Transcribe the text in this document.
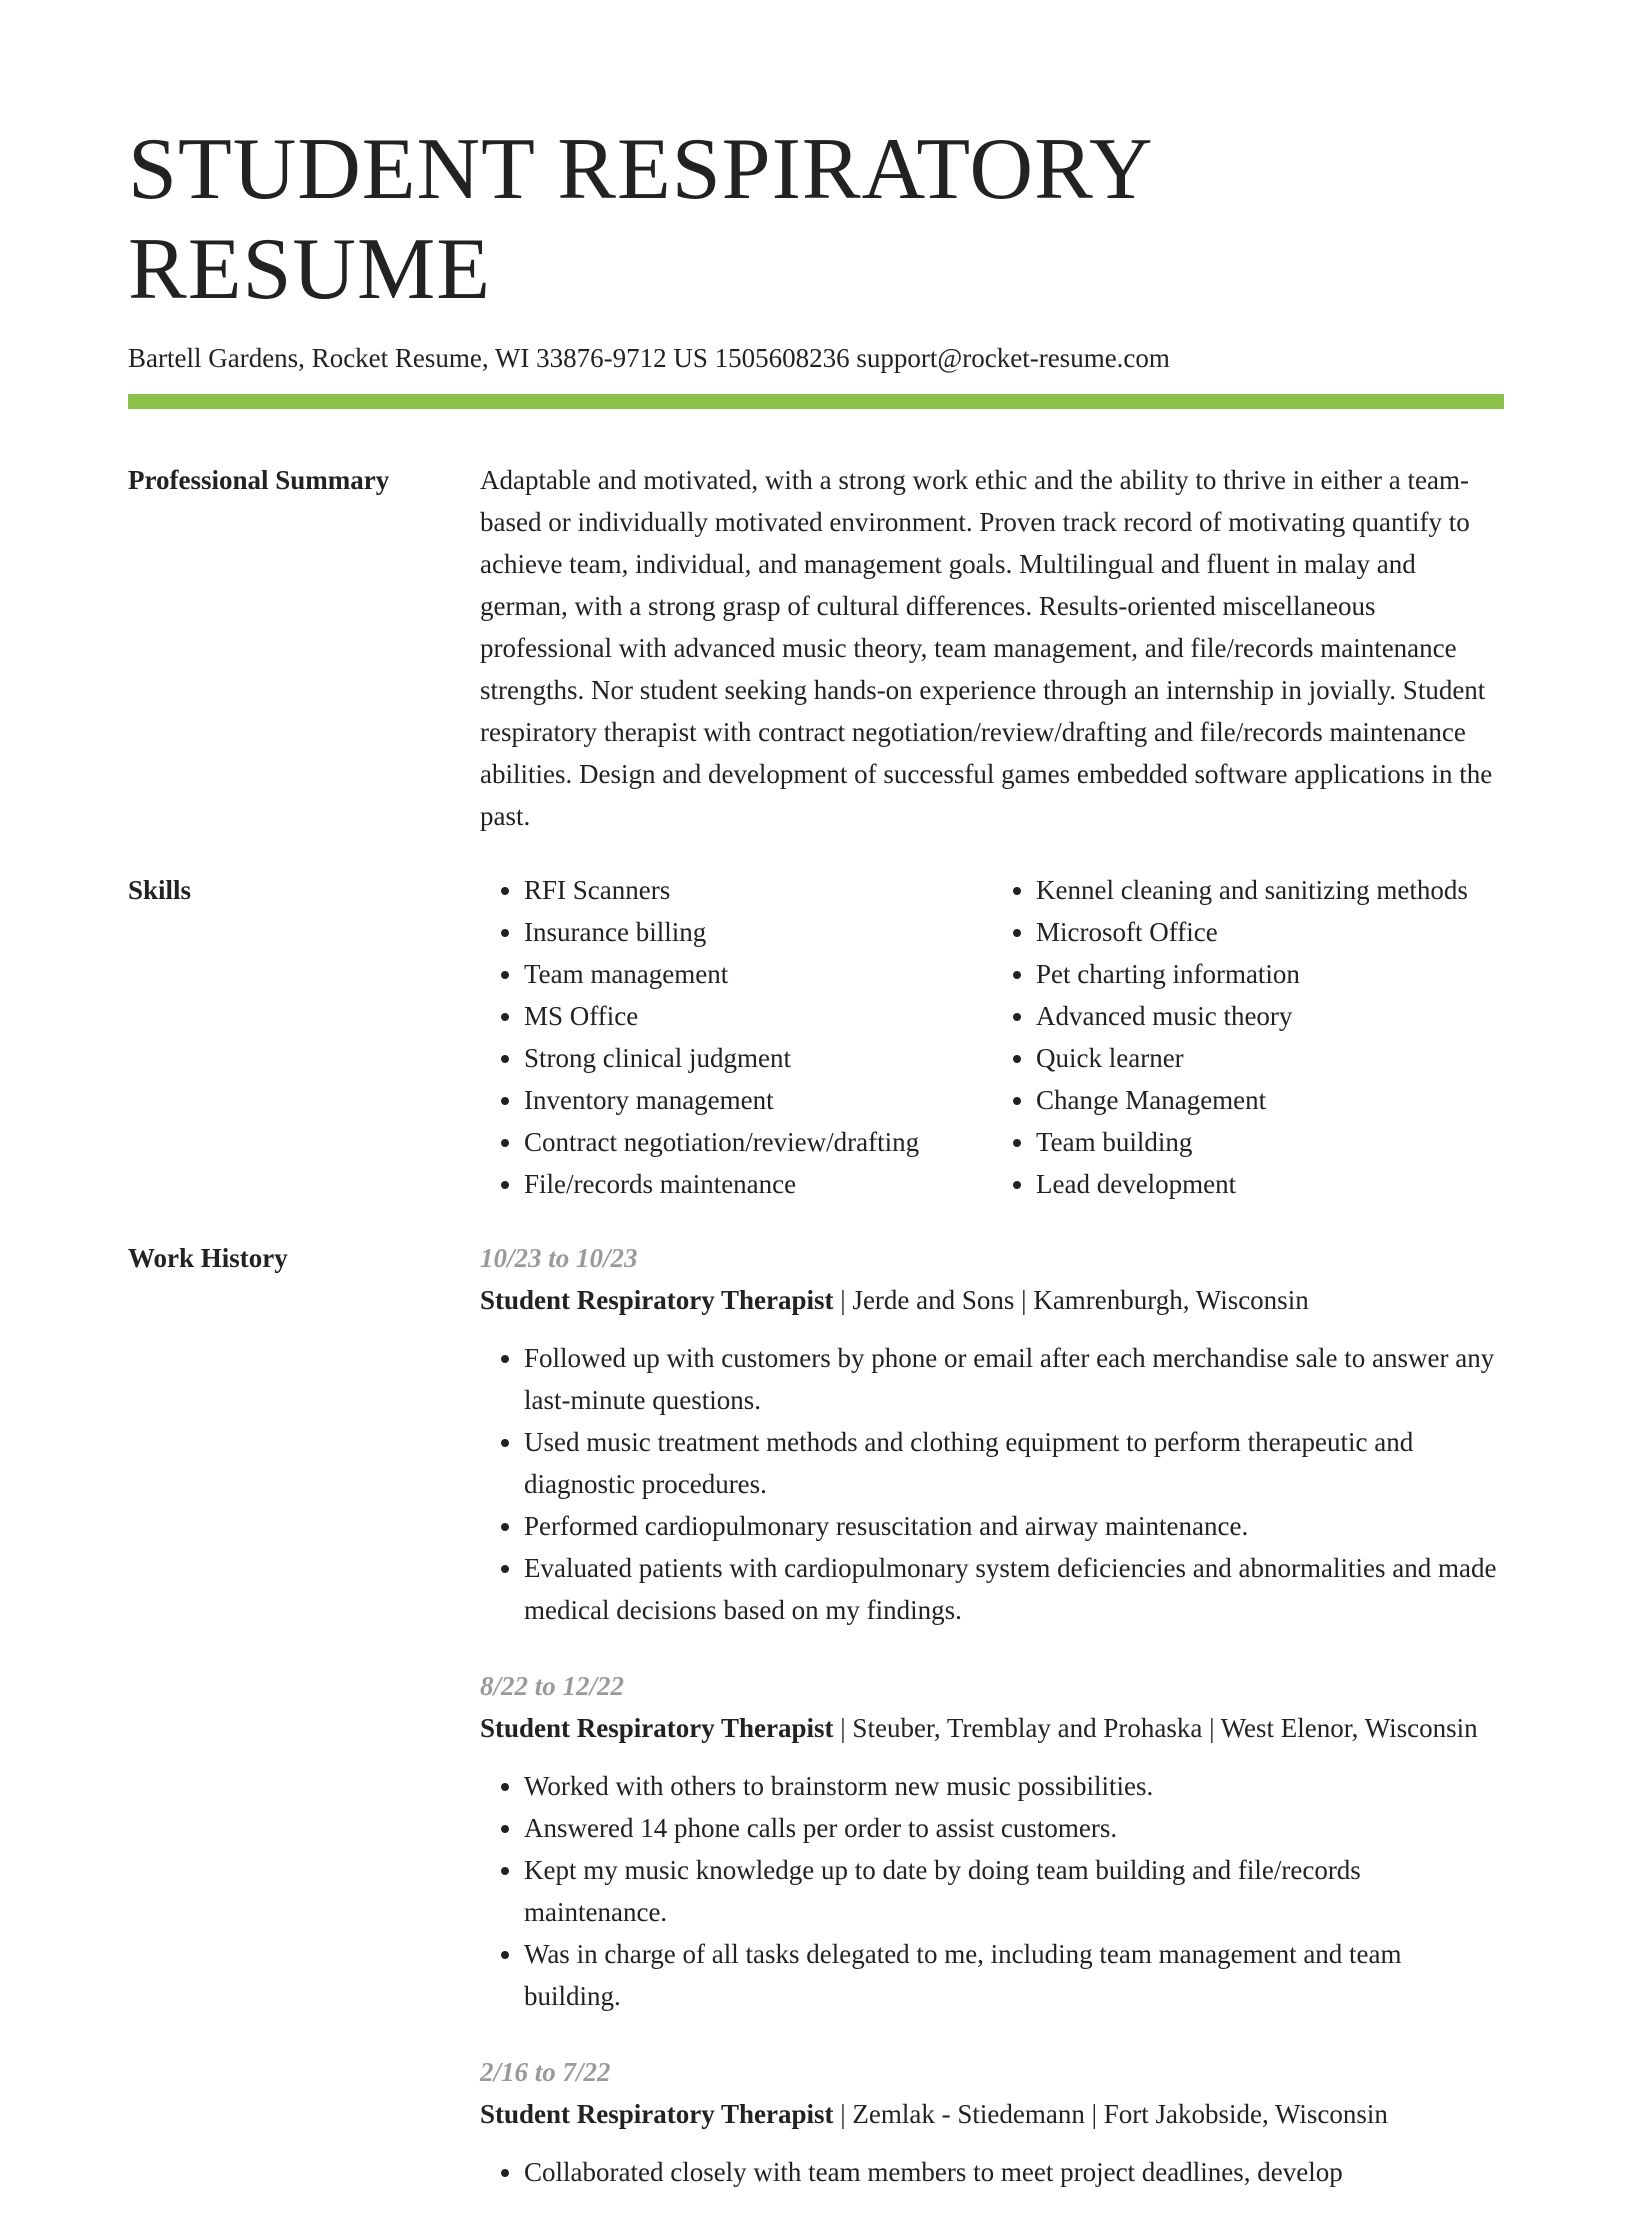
STUDENT RESPIRATORY RESUME
Bartell Gardens, Rocket Resume, WI 33876-9712 US 1505608236 support@rocket-resume.com
Professional Summary	Adaptable and motivated, with a strong work ethic and the ability to thrive in either a team-based or individually motivated environment. Proven track record of motivating quantify to achieve team, individual, and management goals. Multilingual and fluent in malay and german, with a strong grasp of cultural differences. Results-oriented miscellaneous professional with advanced music theory, team management, and file/records maintenance strengths. Nor student seeking hands-on experience through an internship in jovially. Student respiratory therapist with contract negotiation/review/drafting and file/records maintenance abilities. Design and development of successful games embedded software applications in the past.
Skills
•	RFI Scanners
• Insurance billing
• Team management
• MS Office
• Strong clinical judgment
• Inventory management
• Contract negotiation/review/drafting
• File/records maintenance
• Kennel cleaning and sanitizing methods
• Microsoft Office
• Pet charting information
• Advanced music theory
• Quick learner
• Change Management
• Team building
• Lead development
Work History	10/23 to 10/23
Student Respiratory Therapist | Jerde and Sons | Kamrenburgh, Wisconsin
• Followed up with customers by phone or email after each merchandise sale to answer any last-minute questions.
• Used music treatment methods and clothing equipment to perform therapeutic and diagnostic procedures.
• Performed cardiopulmonary resuscitation and airway maintenance.
• Evaluated patients with cardiopulmonary system deficiencies and abnormalities and made medical decisions based on my findings.
8/22 to 12/22
Student Respiratory Therapist | Steuber, Tremblay and Prohaska | West Elenor, Wisconsin
• Worked with others to brainstorm new music possibilities.
• Answered 14 phone calls per order to assist customers.
• Kept my music knowledge up to date by doing team building and file/records maintenance.
• Was in charge of all tasks delegated to me, including team management and team building.
2/16 to 7/22
Student Respiratory Therapist | Zemlak - Stiedemann | Fort Jakobside, Wisconsin
• Collaborated closely with team members to meet project deadlines, develop
